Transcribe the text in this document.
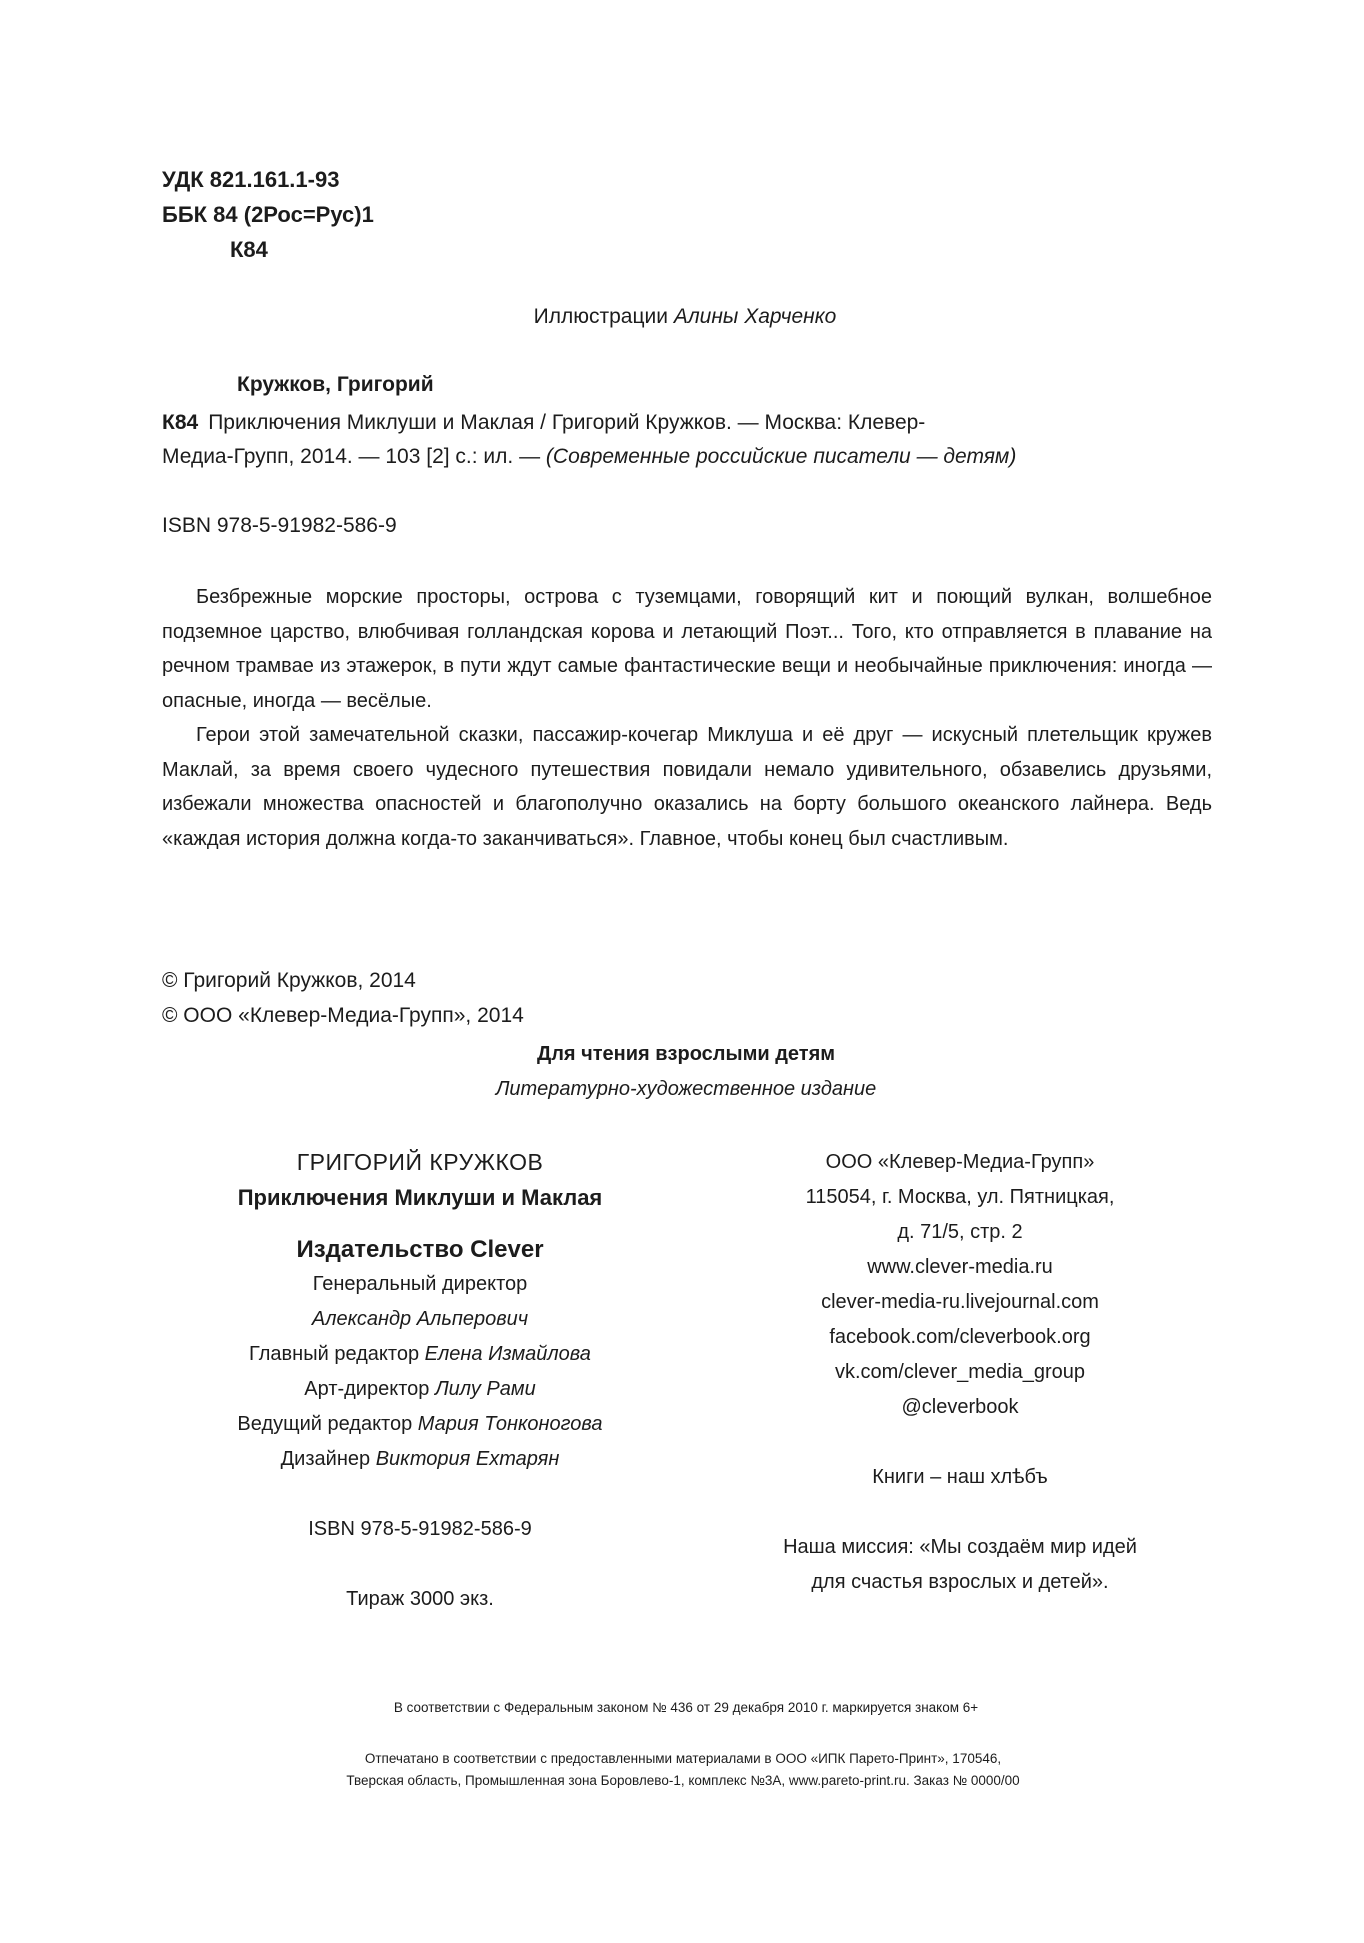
УДК 821.161.1-93
ББК 84 (2Рос=Рус)1
К84
Иллюстрации Алины Харченко
Кружков, Григорий
К84 Приключения Миклуши и Маклая / Григорий Кружков. — Москва: Клевер-
Медиа-Групп, 2014. — 103 [2] с.: ил. — (Современные российские писатели — детям)
ISBN 978-5-91982-586-9

Безбрежные морские просторы, острова с туземцами, говорящий кит и поющий вулкан, волшебное подземное царство, влюбчивая голландская корова и летающий Поэт... Того, кто отправляется в плавание на речном трамвае из этажерок, в пути ждут самые фантастические вещи и необычайные приключения: иногда — опасные, иногда — весёлые.

Герои этой замечательной сказки, пассажир-кочегар Миклуша и её друг — искусный плетельщик кружев Маклай, за время своего чудесного путешествия повидали немало удивительного, обзавелись друзьями, избежали множества опасностей и благополучно оказались на борту большого океанского лайнера. Ведь «каждая история должна когда-то заканчиваться». Главное, чтобы конец был счастливым.

© Григорий Кружков, 2014
© ООО «Клевер-Медиа-Групп», 2014
Для чтения взрослыми детям
Литературно-художественное издание
ГРИГОРИЙ КРУЖКОВ
Приключения Миклуши и Маклая
Издательство Clever
Генеральный директор
Александр Альперович
Главный редактор Елена Измайлова
Арт-директор Лилу Рами
Ведущий редактор Мария Тонконогова
Дизайнер Виктория Ехтарян
ISBN 978-5-91982-586-9
Тираж 3000 экз.
ООО «Клевер-Медиа-Групп»
115054, г. Москва, ул. Пятницкая,
д. 71/5, стр. 2
www.clever-media.ru
clever-media-ru.livejournal.com
facebook.com/cleverbook.org
vk.com/clever_media_group
@cleverbook
Книги – наш хлѣбъ
Наша миссия: «Мы создаём мир идей
для счастья взрослых и детей».
В соответствии с Федеральным законом № 436 от 29 декабря 2010 г. маркируется знаком 6+
Отпечатано в соответствии с предоставленными материалами в ООО «ИПК Парето-Принт», 170546,
Тверская область, Промышленная зона Боровлево-1, комплекс №3А, www.pareto-print.ru. Заказ № 0000/00
